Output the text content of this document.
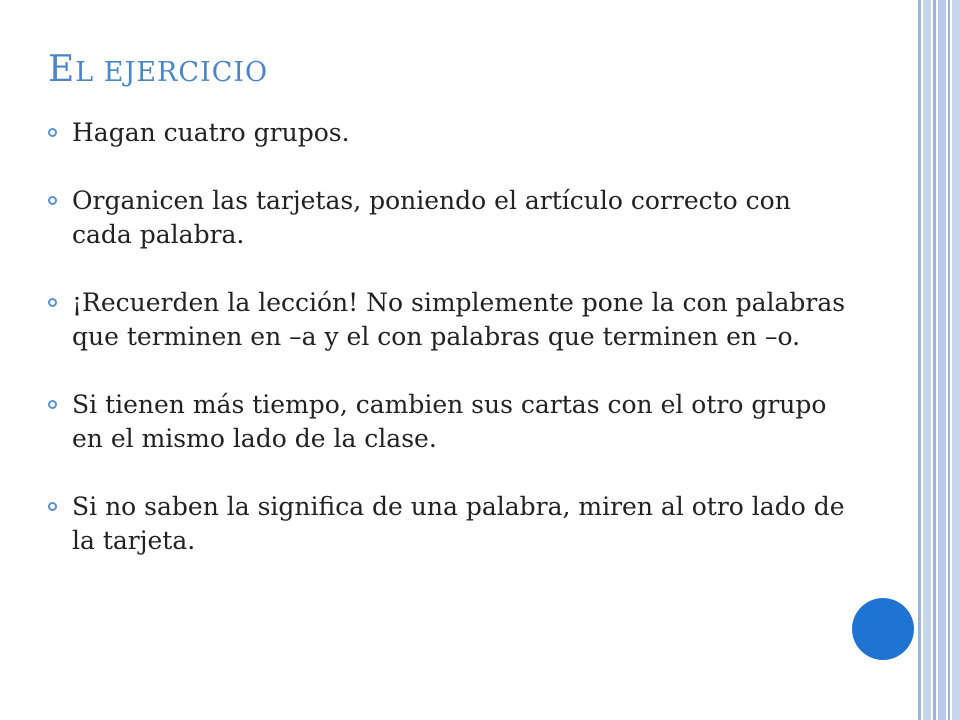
EL EJERCICIO
Hagan cuatro grupos.
Organicen las tarjetas, poniendo el artículo correcto con cada palabra.
¡Recuerden la lección! No simplemente pone la con palabras que terminen en –a y el con palabras que terminen en –o.
Si tienen más tiempo, cambien sus cartas con el otro grupo en el mismo lado de la clase.
Si no saben la significa de una palabra, miren al otro lado de la tarjeta.
